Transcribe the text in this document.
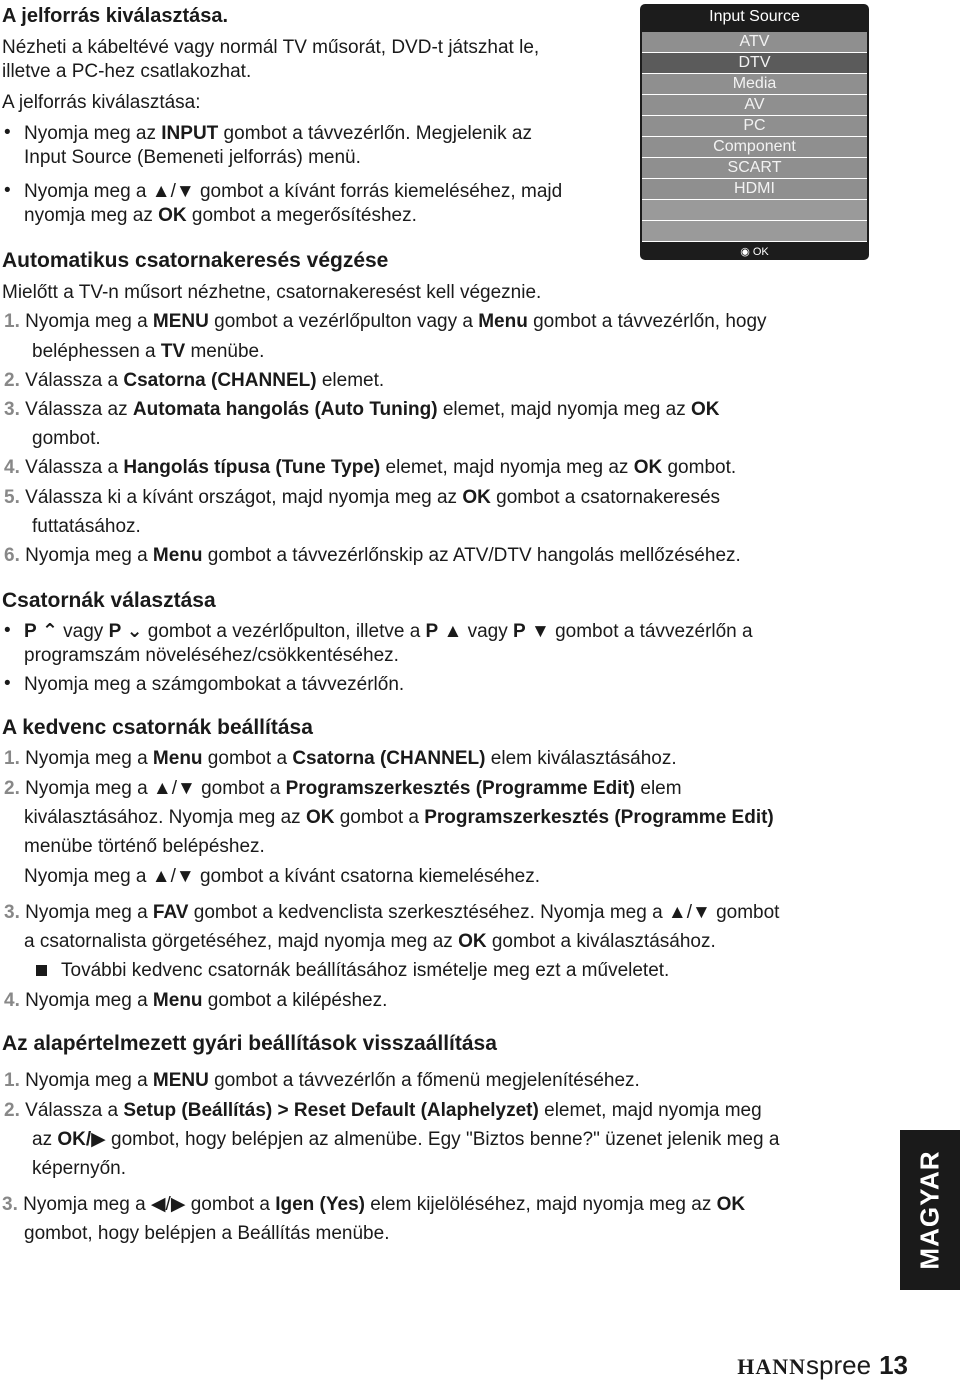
A jelforrás kiválasztása.
Nézheti a kábeltévé vagy normál TV műsorát, DVD-t játszhat le,
illetve a PC-hez csatlakozhat.
A jelforrás kiválasztása:
• Nyomja meg az INPUT gombot a távvezérlőn. Megjelenik az
Input Source (Bemeneti jelforrás) menü.
• Nyomja meg a ▲/▼ gombot a kívánt forrás kiemeléséhez, majd
nyomja meg az OK gombot a megerősítéshez.
Input Source
ATV
DTV
Media
AV
PC
Component
SCART
HDMI
◉ OK
Automatikus csatornakeresés végzése
Mielőtt a TV-n műsort nézhetne, csatornakeresést kell végeznie.
1. Nyomja meg a MENU gombot a vezérlőpulton vagy a Menu gombot a távvezérlőn, hogy
beléphessen a TV menübe.
2. Válassza a Csatorna (CHANNEL) elemet.
3. Válassza az Automata hangolás (Auto Tuning) elemet, majd nyomja meg az OK
gombot.
4. Válassza a Hangolás típusa (Tune Type) elemet, majd nyomja meg az OK gombot.
5. Válassza ki a kívánt országot, majd nyomja meg az OK gombot a csatornakeresés
futtatásához.
6. Nyomja meg a Menu gombot a távvezérlőnskip az ATV/DTV hangolás mellőzéséhez.
Csatornák választása
• P ⌃ vagy P ⌄ gombot a vezérlőpulton, illetve a P ▲ vagy P ▼ gombot a távvezérlőn a
programszám növeléséhez/csökkentéséhez.
• Nyomja meg a számgombokat a távvezérlőn.
A kedvenc csatornák beállítása
1. Nyomja meg a Menu gombot a Csatorna (CHANNEL) elem kiválasztásához.
2. Nyomja meg a ▲/▼ gombot a Programszerkesztés (Programme Edit) elem
kiválasztásához. Nyomja meg az OK gombot a Programszerkesztés (Programme Edit)
menübe történő belépéshez.
Nyomja meg a ▲/▼ gombot a kívánt csatorna kiemeléséhez.
3. Nyomja meg a FAV gombot a kedvenclista szerkesztéséhez. Nyomja meg a ▲/▼ gombot
a csatornalista görgetéséhez, majd nyomja meg az OK gombot a kiválasztásához.
További kedvenc csatornák beállításához ismételje meg ezt a műveletet.
4. Nyomja meg a Menu gombot a kilépéshez.
Az alapértelmezett gyári beállítások visszaállítása
1. Nyomja meg a MENU gombot a távvezérlőn a főmenü megjelenítéséhez.
2. Válassza a Setup (Beállítás) > Reset Default (Alaphelyzet) elemet, majd nyomja meg
az OK/▶ gombot, hogy belépjen az almenübe. Egy "Biztos benne?" üzenet jelenik meg a
képernyőn.
3. Nyomja meg a ◀/▶ gombot a Igen (Yes) elem kijelöléséhez, majd nyomja meg az OK
gombot, hogy belépjen a Beállítás menübe.	MAGYAR
HANNspree 13
